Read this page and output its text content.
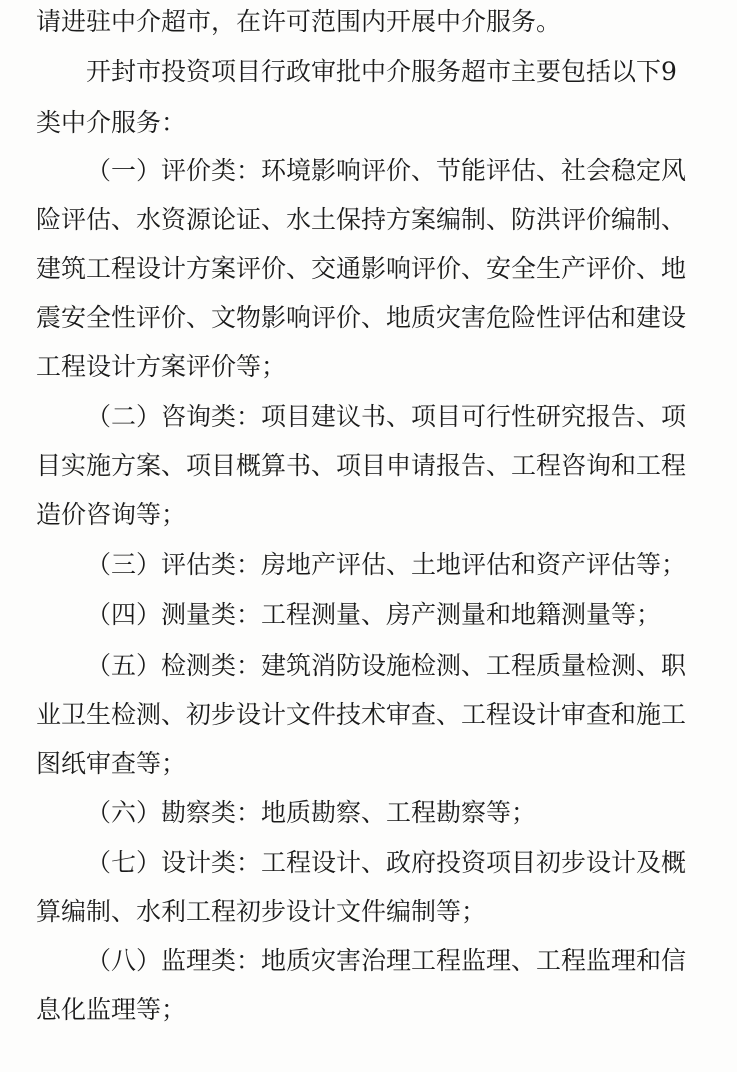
请进驻中介超市，在许可范围内开展中介服务。
开封市投资项目行政审批中介服务超市主要包括以下9
类中介服务：
（一）评价类：环境影响评价、节能评估、社会稳定风
险评估、水资源论证、水土保持方案编制、防洪评价编制、
建筑工程设计方案评价、交通影响评价、安全生产评价、地
震安全性评价、文物影响评价、地质灾害危险性评估和建设
工程设计方案评价等；
（二）咨询类：项目建议书、项目可行性研究报告、项
目实施方案、项目概算书、项目申请报告、工程咨询和工程
造价咨询等；
（三）评估类：房地产评估、土地评估和资产评估等；
（四）测量类：工程测量、房产测量和地籍测量等；
（五）检测类：建筑消防设施检测、工程质量检测、职
业卫生检测、初步设计文件技术审查、工程设计审查和施工
图纸审查等；
（六）勘察类：地质勘察、工程勘察等；
（七）设计类：工程设计、政府投资项目初步设计及概
算编制、水利工程初步设计文件编制等；
（八）监理类：地质灾害治理工程监理、工程监理和信
息化监理等；
